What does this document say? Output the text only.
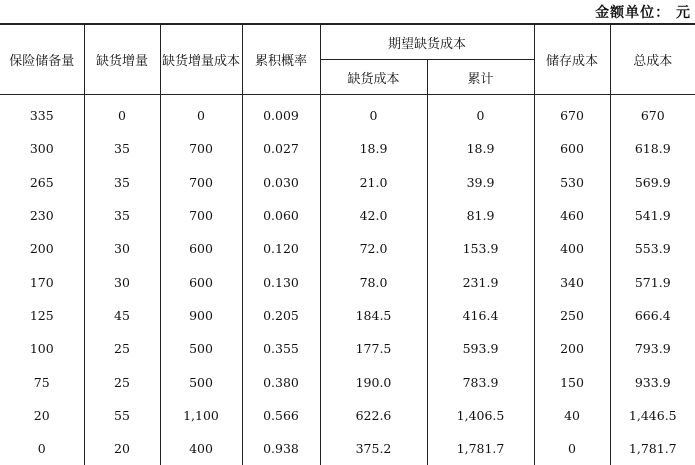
金额单位： 元
保险储备量	缺货增量	缺货增量成本	累积概率	期望缺货成本		储存成本	总成本
				缺货成本	累计		
335	0	0	0.009	0	0	670	670
300	35	700	0.027	18.9	18.9	600	618.9
265	35	700	0.030	21.0	39.9	530	569.9
230	35	700	0.060	42.0	81.9	460	541.9
200	30	600	0.120	72.0	153.9	400	553.9
170	30	600	0.130	78.0	231.9	340	571.9
125	45	900	0.205	184.5	416.4	250	666.4
100	25	500	0.355	177.5	593.9	200	793.9
75	25	500	0.380	190.0	783.9	150	933.9
20	55	1,100	0.566	622.6	1,406.5	40	1,446.5
0	20	400	0.938	375.2	1,781.7	0	1,781.7
